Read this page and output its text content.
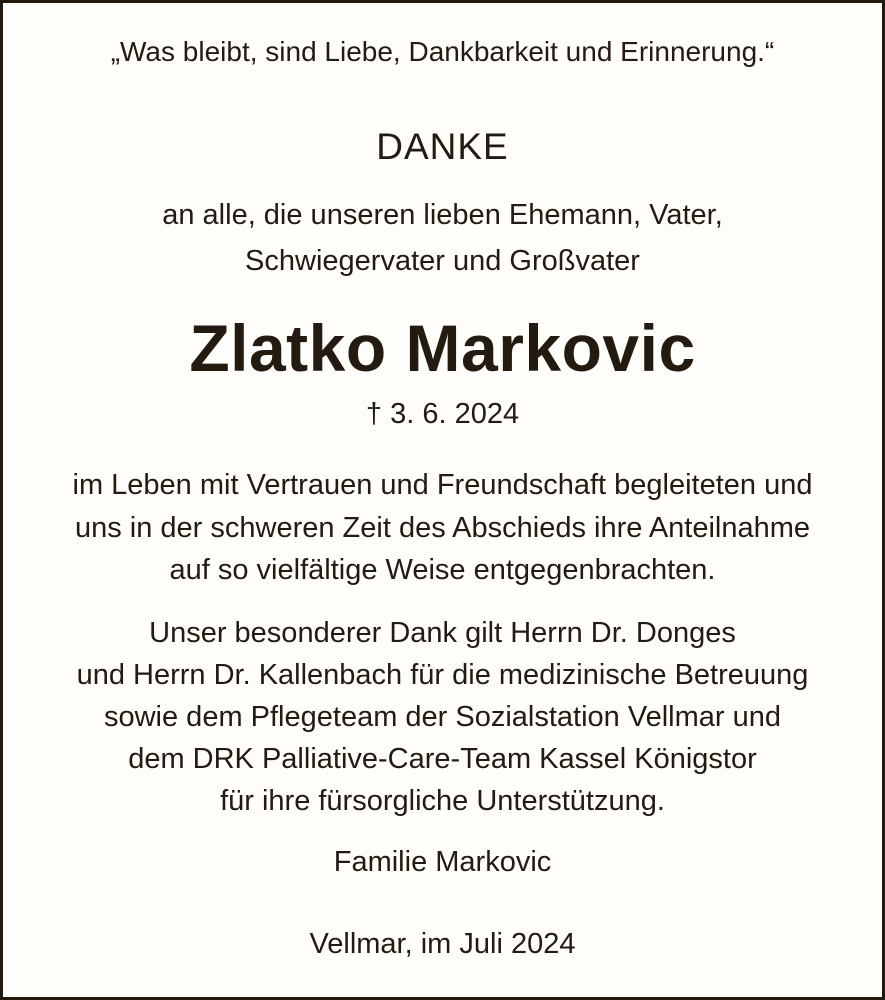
„Was bleibt, sind Liebe, Dankbarkeit und Erinnerung.“
DANKE
an alle, die unseren lieben Ehemann, Vater,
Schwiegervater und Großvater
Zlatko Markovic
† 3. 6. 2024
im Leben mit Vertrauen und Freundschaft begleiteten und
uns in der schweren Zeit des Abschieds ihre Anteilnahme
auf so vielfältige Weise entgegenbrachten.
Unser besonderer Dank gilt Herrn Dr. Donges
und Herrn Dr. Kallenbach für die medizinische Betreuung
sowie dem Pflegeteam der Sozialstation Vellmar und
dem DRK Palliative-Care-Team Kassel Königstor
für ihre fürsorgliche Unterstützung.
Familie Markovic
Vellmar, im Juli 2024
